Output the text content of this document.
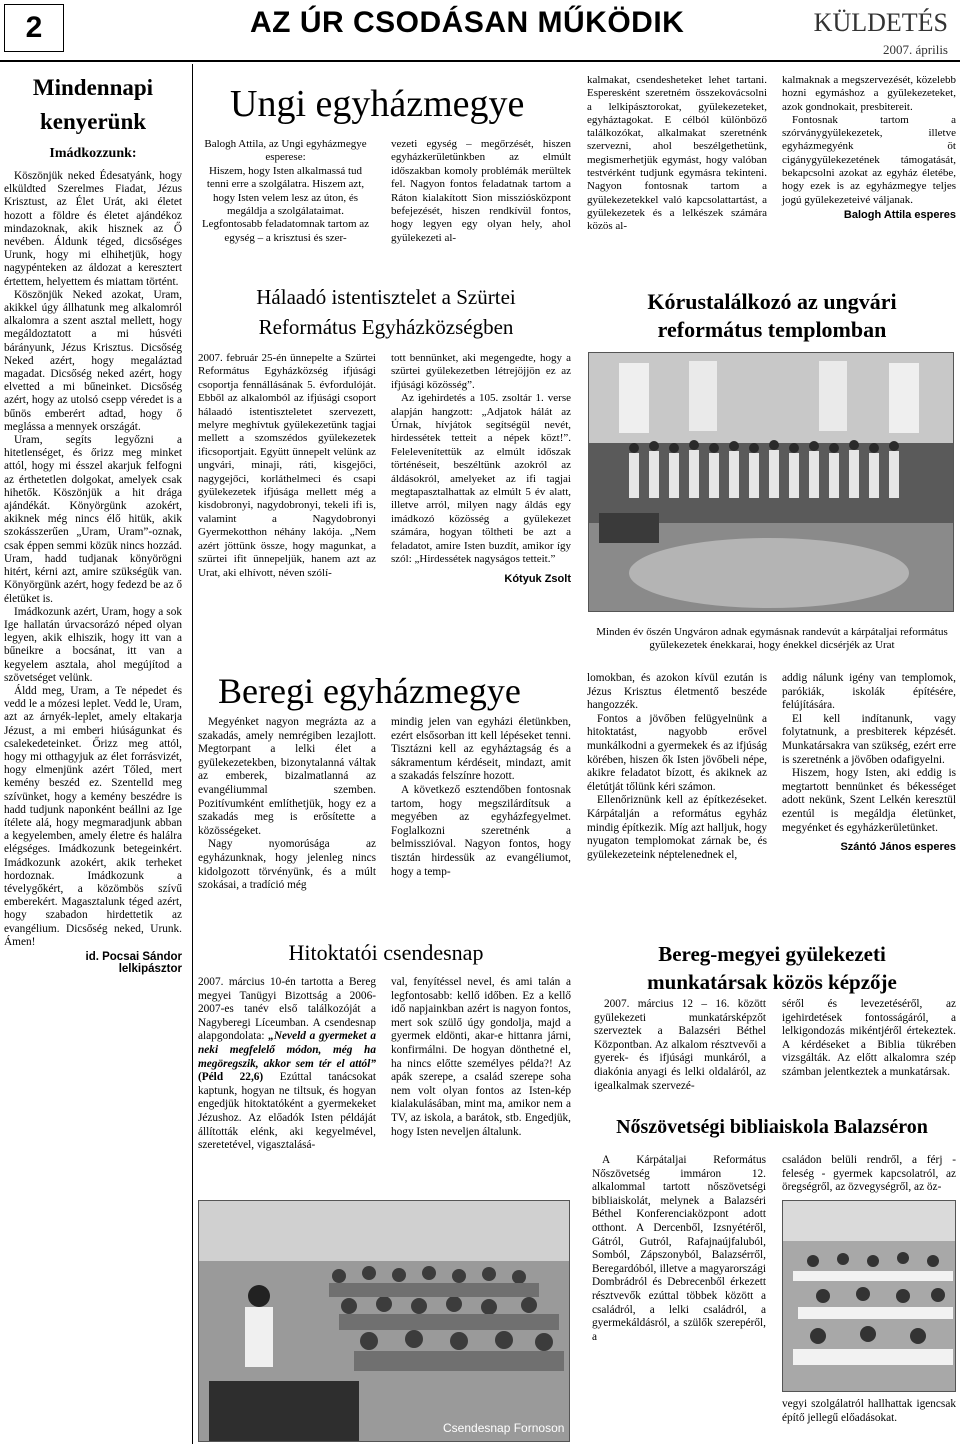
2	AZ ÚR CSODÁSAN MŰKÖDIK	KÜLDETÉS
2007. április
Mindennapi
kenyerünk
Imádkozzunk:

Köszönjük neked Édesatyánk, hogy elküldted Szerelmes Fiadat, Jézus Krisztust, az Élet Urát, aki életet hozott a földre és életet ajándékoz mindazoknak, akik hisznek az Ő nevében. Áldunk téged, dicsőséges Urunk, hogy mi elhihetjük, hogy nagypénteken az áldozat a keresztert értettem, helyettem és miattam történt.

Köszönjük Neked azokat, Uram, akikkel úgy állhatunk meg alkalomról alkalomra a szent asztal mellett, hogy megáldoztatott a mi húsvéti bárányunk, Jézus Krisztus. Dicsőség Neked azért, hogy megaláztad magadat. Dicsőség neked azért, hogy elvetted a mi bűneinket. Dicsőség azért, hogy az utolsó csepp véredet is a bűnös emberért adtad, hogy ő meglássa a mennyek országát.

Uram, segíts legyőzni a hitetlenséget, és őrizz meg minket attól, hogy mi ésszel akarjuk felfogni az érthetetlen dolgokat, amelyek csak hihetők. Köszönjük a hit drága ajándékát. Könyörgünk azokért, akiknek még nincs élő hitük, akik szokásszerűen „Uram, Uram”-oznak, csak éppen semmi közük nincs hozzád. Uram, hadd tudjanak könyörögni hitért, kérni azt, amire szükségük van. Könyörgünk azért, hogy fedezd be az ő életüket is.

Imádkozunk azért, Uram, hogy a sok Ige hallatán úrvacsorázó néped olyan legyen, akik elhiszik, hogy itt van a bűneikre a bocsánat, itt van a kegyelem asztala, ahol megújítod a szövetséget velünk.

Áldd meg, Uram, a Te népedet és vedd le a mózesi leplet. Vedd le, Uram, azt az árnyék-leplet, amely eltakarja Jézust, a mi emberi hiúságunkat és csalekedeteinket. Őrizz meg attól, hogy mi otthagyjuk az élet forrásvizét, hogy elmenjünk azért Tőled, mert kemény beszéd ez. Szentelld meg szívünket, hogy a kemény beszédre is hadd tudjunk naponként beállni az Ige ítélete alá, hogy megmaradjunk abban a kegyelemben, amely életre és halálra elégséges. Imádkozunk betegeinkért. Imádkozunk azokért, akik terheket hordoznak. Imádkozunk a tévelygőkért, a közömbös szívű emberekért. Magasztalunk téged azért, hogy szabadon hirdettetik az evangélium. Dicsőség neked, Urunk. Ámen!

id. Pocsai Sándor
lelkipásztor
Ungi egyházmegye

Balogh Attila, az Ungi egyházmegye esperese:

Hiszem, hogy Isten alkalmassá tud tenni erre a szolgálatra. Hiszem azt, hogy Isten velem lesz az úton, és megáldja a szolgálataimat.

Legfontosabb feladatomnak tartom az egység – a krisztusi és szer-

vezeti egység – megőrzését, hiszen egyházkerületünkben az elmúlt időszakban komoly problémák merültek fel. Nagyon fontos feladatnak tartom a Ráton kialakított Sion missziósközpont befejezését, hiszen rendkívül fontos, hogy legyen egy olyan hely, ahol gyülekezeti al-

kalmakat, csendesheteket lehet tartani. Esperesként szeretném összekovácsolni a lelkipásztorokat, gyülekezeteket, egyháztagokat. E célból különböző találkozókat, alkalmakat szeretnénk szervezni, ahol beszélgethetünk, megismerhetjük egymást, hogy valóban testvérként tudjunk egymásra tekinteni. Nagyon fontosnak tartom a gyülekezetekkel való kapcsolattartást, a gyülekezetek és a lelkészek számára közös al-

kalmaknak a megszervezését, közelebb hozni egymáshoz a gyülekezeteket, azok gondnokait, presbitereit.

Fontosnak tartom a szórványgyülekezetek, illetve egyházmegyénk öt cigánygyülekezetének támogatását, bekapcsolni azokat az egyház életébe, hogy ezek is az egyházmegye teljes jogú gyülekezeteivé váljanak.

Balogh Attila esperes
Hálaadó istentisztelet a Szürtei
Református Egyházközségben

2007. február 25-én ünnepelte a Szürtei Református Egyházközség ifjúsági csoportja fennállásának 5. évfordulóját. Ebből az alkalomból az ifjúsági csoport hálaadó istentiszteletet szervezett, melyre meghívtuk gyülekezetünk tagjai mellett a szomszédos gyülekezetek ificsoportjait. Együtt ünnepelt velünk az ungvári, minaji, ráti, kisgejőci, nagygejőci, korláthelmeci és csapi gyülekezetek ifjúsága mellett még a kisdobronyi, nagydobronyi, tekeli ifi is, valamint a Nagydobronyi Gyermekotthon néhány lakója. „Nem azért jöttünk össze, hogy magunkat, a szürtei ifit ünnepeljük, hanem azt az Urat, aki elhívott, néven szólí-

tott bennünket, aki megengedte, hogy a szürtei gyülekezetben létrejöjjön ez az ifjúsági közösség”.

Az igehirdetés a 105. zsoltár 1. verse alapján hangzott: „Adjatok hálát az Úrnak, hívjátok segítségül nevét, hirdessétek tetteit a népek közt!”. Felelevenítettük az elmúlt időszak történéseit, beszéltünk azokról az áldásokról, amelyeket az ifi tagjai megtapasztalhattak az elmúlt 5 év alatt, illetve arról, milyen nagy áldás egy imádkozó közösség a gyülekezet számára, hogyan töltheti be azt a feladatot, amire Isten buzdít, amikor így szól: „Hirdessétek nagyságos tetteit.”

Kótyuk Zsolt
Kórustalálkozó az ungvári
református templomban
Minden év őszén Ungváron adnak egymásnak randevút a kárpátaljai református gyülekezetek énekkarai, hogy énekkel dicsérjék az Urat
Beregi egyházmegye

Megyénket nagyon megrázta az a szakadás, amely nemrégiben lezajlott. Megtorpant a lelki élet a gyülekezetekben, bizonytalanná váltak az emberek, bizalmatlanná az evangéliummal szemben. Pozitívumként említhetjük, hogy ez a szakadás meg is erősítette a közösségeket.

Nagy nyomorúsága az egyházunknak, hogy jelenleg nincs kidolgozott törvényünk, és a múlt szokásai, a tradíció még

mindig jelen van egyházi életünkben, ezért elsősorban itt kell lépéseket tenni. Tisztázni kell az egyháztagság és a sákramentum kérdéseit, mindazt, amit a szakadás felszínre hozott.

A következő esztendőben fontosnak tartom, hogy megszilárdítsuk a megyében az egyházfegyelmet. Foglalkozni szeretnénk a belmisszióval. Nagyon fontos, hogy tisztán hirdessük az evangéliumot, hogy a temp-

lomokban, és azokon kívül ezután is Jézus Krisztus életmentő beszéde hangozzék.

Fontos a jövőben felügyelnünk a hitoktatást, nagyobb erővel munkálkodni a gyermekek és az ifjúság körében, hiszen ők Isten jövőbeli népe, akikre feladatot bízott, és akiknek az életútját tőlünk kéri számon.

Ellenőriznünk kell az építkezéseket. Kárpátalján a református egyház mindig építkezik. Míg azt halljuk, hogy nyugaton templomokat zárnak be, és gyülekezeteink néptelenednek el,

addig nálunk igény van templomok, parókiák, iskolák építésére, felújítására.

El kell indítanunk, vagy folytatnunk, a presbiterek képzését. Munkatársakra van szükség, ezért erre is szeretnénk a jövőben odafigyelni.

Hiszem, hogy Isten, aki eddig is megtartott bennünket és békességet adott nekünk, Szent Lelkén keresztül ezentúl is megáldja életünket, megyénket és egyházkerületünket.

Szántó János esperes
Hitoktatói csendesnap

2007. március 10-én tartotta a Bereg megyei Tanügyi Bizottság a 2006-2007-es tanév első találkozóját a Nagyberegi Líceumban. A csendesnap alapgondolata: „Neveld a gyermeket a neki megfelelő módon, még ha megöregszik, akkor sem tér el attól” (Péld 22,6) Ezúttal tanácsokat kaptunk, hogyan ne tiltsuk, és hogyan engedjük hitoktatóként a gyermekeket Jézushoz. Az előadók Isten példáját állították elénk, aki kegyelmével, szeretetével, vigasztalásá-

val, fenyítéssel nevel, és ami talán a legfontosabb: kellő időben. Ez a kellő idő napjainkban azért is nagyon fontos, mert sok szülő úgy gondolja, majd a gyermek eldönti, akar-e hittanra járni, konfirmálni. De hogyan dönthetné el, ha nincs előtte személyes példa?! Az apák szerepe, a család szerepe soha nem volt olyan fontos az Isten-kép kialakulásában, mint ma, amikor nem a TV, az iskola, a barátok, stb. Engedjük, hogy Isten neveljen általunk.

Csendesnap Fornoson
Bereg-megyei gyülekezeti
munkatársak közös képzője

2007. március 12 – 16. között gyülekezeti munkatársképzőt szerveztek a Balazséri Béthel Központban. Az alkalom résztvevői a gyerek- és ifjúsági munkáról, a diakónia anyagi és lelki oldaláról, az igealkalmak szervezé-

séről és levezetéséről, az igehirdetések fontosságáról, a lelkigondozás mikéntjéről értekeztek. A kérdéseket a Biblia tükrében vizsgálták. Az előtt alkalomra szép számban jelentkeztek a munkatársak.

Nőszövetségi bibliaiskola Balazséron

A Kárpátaljai Református Nőszövetség immáron 12. alkalommal tartott nőszövetségi bibliaiskolát, melynek a Balazséri Béthel Konferenciaközpont adott otthont. A Dercenből, Izsnyétéről, Gátról, Gutról, Rafajnaújfaluból, Somból, Zápszonyból, Balazsérről, Beregardóból, illetve a magyarországi Dombrádról és Debrecenből érkezett résztvevők ezúttal többek között a családról, a lelki családról, a gyermekáldásról, a szülők szerepéről, a

családon belüli rendről, a férj - feleség - gyermek kapcsolatról, az öregségről, az özvegységről, az öz-

vegyi szolgálatról hallhattak igencsak építő jellegű előadásokat.
